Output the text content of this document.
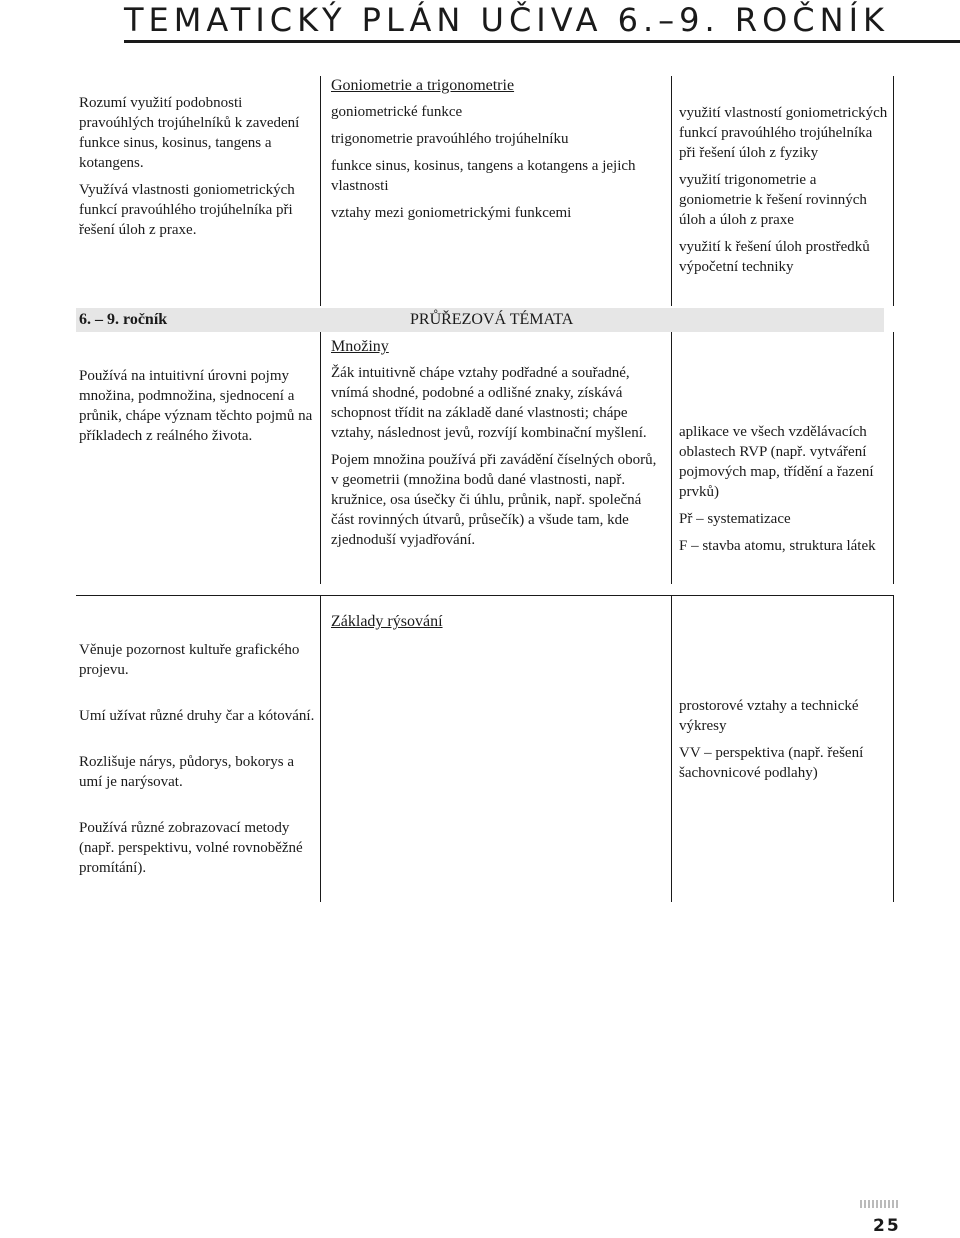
TEMATICKÝ PLÁN UČIVA 6.–9. ROČNÍK

Rozumí využití podobnosti pravoúhlých trojúhelníků k zavedení funkce sinus, kosinus, tangens a kotangens.

Využívá vlastnosti goniometrických funkcí pravoúhlého trojúhelníka při řešení úloh z praxe.

Goniometrie a trigonometrie

goniometrické funkce

trigonometrie pravoúhlého trojúhelníku

funkce sinus, kosinus, tangens a kotangens a jejich vlastnosti

vztahy mezi goniometrickými funkcemi

využití vlastností goniometrických funkcí pravoúhlého trojúhelníka při řešení úloh z fyziky

využití trigonometrie a goniometrie k řešení rovinných úloh a úloh z praxe

využití k řešení úloh prostředků výpočetní techniky

6. – 9. ročník	PRŮŘEZOVÁ TÉMATA

Používá na intuitivní úrovni pojmy množina, podmnožina, sjednocení a průnik, chápe význam těchto pojmů na příkladech z reálného života.

Množiny

Žák intuitivně chápe vztahy podřadné a souřadné, vnímá shodné, podobné a odlišné znaky, získává schopnost třídit na základě dané vlastnosti; chápe vztahy, následnost jevů, rozvíjí kombinační myšlení.

Pojem množina používá při zavádění číselných oborů, v geometrii (množina bodů dané vlastnosti, např. kružnice, osa úsečky či úhlu, průnik, např. společná část rovinných útvarů, průsečík) a všude tam, kde zjednoduší vyjadřování.

aplikace ve všech vzdělávacích oblastech RVP (např. vytváření pojmových map, třídění a řazení prvků)

Př – systematizace

F – stavba atomu, struktura látek

Základy rýsování

Věnuje pozornost kultuře grafického projevu.

Umí užívat různé druhy čar a kótování.

Rozlišuje nárys, půdorys, bokorys a umí je narýsovat.

Používá různé zobrazovací metody (např. perspektivu, volné rovnoběžné promítání).

prostorové vztahy a technické výkresy

VV – perspektiva (např. řešení šachovnicové podlahy)

25
